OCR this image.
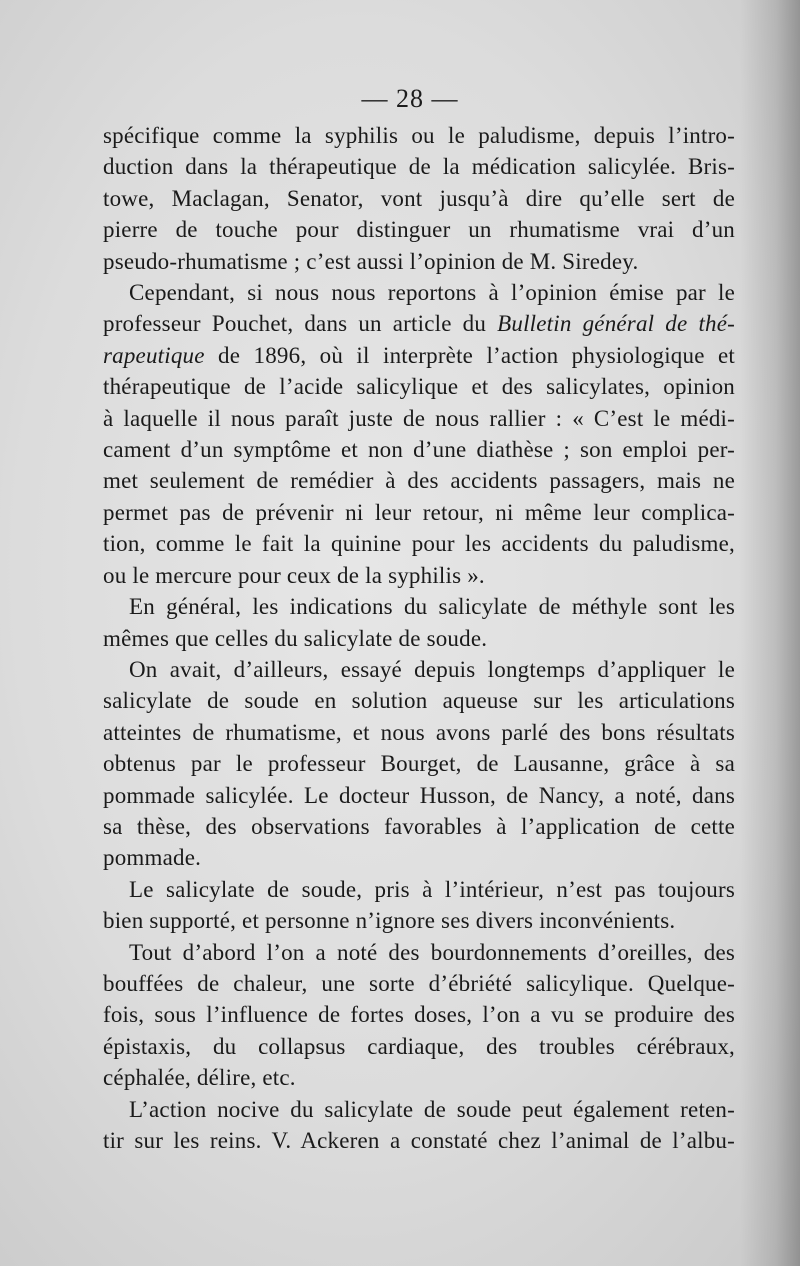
— 28 —
spécifique comme la syphilis ou le paludisme, depuis l’intro-
duction dans la thérapeutique de la médication salicylée. Bris-
towe, Maclagan, Senator, vont jusqu’à dire qu’elle sert de
pierre de touche pour distinguer un rhumatisme vrai d’un
pseudo-rhumatisme ; c’est aussi l’opinion de M. Siredey.
Cependant, si nous nous reportons à l’opinion émise par le
professeur Pouchet, dans un article du Bulletin général de thé-
rapeutique de 1896, où il interprète l’action physiologique et
thérapeutique de l’acide salicylique et des salicylates, opinion
à laquelle il nous paraît juste de nous rallier : « C’est le médi-
cament d’un symptôme et non d’une diathèse ; son emploi per-
met seulement de remédier à des accidents passagers, mais ne
permet pas de prévenir ni leur retour, ni même leur complica-
tion, comme le fait la quinine pour les accidents du paludisme,
ou le mercure pour ceux de la syphilis ».
En général, les indications du salicylate de méthyle sont les
mêmes que celles du salicylate de soude.
On avait, d’ailleurs, essayé depuis longtemps d’appliquer le
salicylate de soude en solution aqueuse sur les articulations
atteintes de rhumatisme, et nous avons parlé des bons résultats
obtenus par le professeur Bourget, de Lausanne, grâce à sa
pommade salicylée. Le docteur Husson, de Nancy, a noté, dans
sa thèse, des observations favorables à l’application de cette
pommade.
Le salicylate de soude, pris à l’intérieur, n’est pas toujours
bien supporté, et personne n’ignore ses divers inconvénients.
Tout d’abord l’on a noté des bourdonnements d’oreilles, des
bouffées de chaleur, une sorte d’ébriété salicylique. Quelque-
fois, sous l’influence de fortes doses, l’on a vu se produire des
épistaxis, du collapsus cardiaque, des troubles cérébraux,
céphalée, délire, etc.
L’action nocive du salicylate de soude peut également reten-
tir sur les reins. V. Ackeren a constaté chez l’animal de l’albu-
